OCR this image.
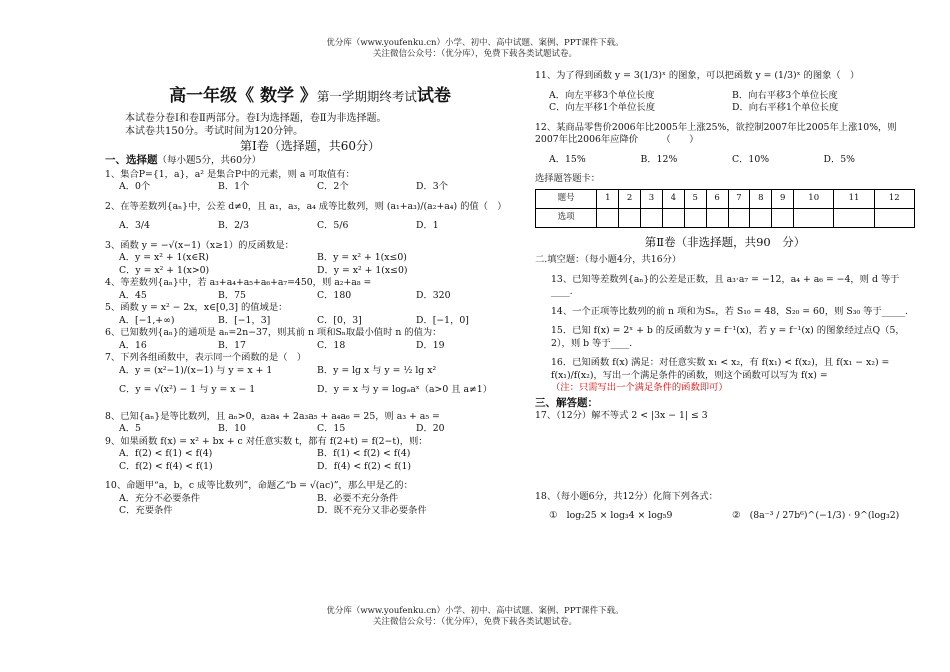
优分库（www.youfenku.cn）小学、初中、高中试题、案例、PPT课件下载。
关注微信公众号：（优分库），免费下载各类试题试卷。
高一年级《 数学 》第一学期期终考试试卷
本试卷分卷Ⅰ和卷Ⅱ两部分。卷Ⅰ为选择题，卷Ⅱ为非选择题。
本试卷共150分。考试时间为120分钟。
第Ⅰ卷（选择题，共60分）
一、选择题（每小题5分，共60分）
1、集合P={1，a}，a² 是集合P中的元素，则 a 可取值有：
A．0个	B．1个	C．2个	D．3个
2、在等差数列{aₙ}中，公差 d≠0，且 a₁，a₃，a₄ 成等比数列，则 (a₁+a₃)/(a₂+a₄) 的值（　）
A．3/4	B．2/3	C．5/6	D．1
3、函数 y = −√(x−1)（x≥1）的反函数是：
A．y = x² + 1(x∈R)	B．y = x² + 1(x≤0)
C．y = x² + 1(x>0)	D．y = x² + 1(x≤0)
4、等差数列{aₙ}中，若 a₃+a₄+a₅+a₆+a₇=450，则 a₂+a₈ =
A．45	B．75	C．180	D．320
5、函数 y = x² − 2x，x∈[0,3] 的值域是：
A．[−1,+∞)	B．[−1，3]	C．[0，3]	D．[−1，0]
6、已知数列{aₙ}的通项是 aₙ=2n−37，则其前 n 项和Sₙ取最小值时 n 的值为：
A．16	B．17	C．18	D．19
7、下列各组函数中，表示同一个函数的是（　）
A．y = (x²−1)/(x−1) 与 y = x + 1	B．y = lg x 与 y = ½ lg x²
C．y = √(x²) − 1 与 y = x − 1	D．y = x 与 y = logₐaˣ（a>0 且 a≠1）
8、已知{aₙ}是等比数列，且 aₙ>0，a₂a₄ + 2a₃a₅ + a₄a₆ = 25，则 a₃ + a₅ =
A．5	B．10	C．15	D．20
9、如果函数 f(x) = x² + bx + c 对任意实数 t，都有 f(2+t) = f(2−t)，则：
A．f(2) < f(1) < f(4)	B．f(1) < f(2) < f(4)
C．f(2) < f(4) < f(1)	D．f(4) < f(2) < f(1)
10、命题甲“a，b，c 成等比数列”，命题乙“b = √(ac)”，那么甲是乙的：
A．充分不必要条件	B．必要不充分条件
C．充要条件	D．既不充分又非必要条件
11、为了得到函数 y = 3(1/3)ˣ 的图象，可以把函数 y = (1/3)ˣ 的图象（　）
A．向左平移3个单位长度	B．向右平移3个单位长度
C．向左平移1个单位长度	D．向右平移1个单位长度
12、某商品零售价2006年比2005年上涨25%，欲控制2007年比2005年上涨10%，则2007年比2006年应降价　　　	（　　）
A．15%	B．12%	C．10%	D．5%
选择题答题卡：
题号	1	2	3	4	5	6	7	8	9	10	11	12
选项												
第Ⅱ卷（非选择题，共90　分）
二.填空题：（每小题4分，共16分）
13、已知等差数列{aₙ}的公差是正数，且 a₃·a₇ = −12，a₄ + a₆ = −4，则 d 等于____.
14、一个正项等比数列的前 n 项和为Sₙ，若 S₁₀ = 48，S₂₀ = 60，则 S₃₀ 等于_____.
15．已知 f(x) = 2ˣ + b 的反函数为 y = f⁻¹(x)，若 y = f⁻¹(x) 的图象经过点Q（5，2），则 b 等于____.
16．已知函数 f(x) 满足：对任意实数 x₁ < x₂，有 f(x₁) < f(x₂)，且 f(x₁ − x₂) = f(x₁)/f(x₂)，写出一个满足条件的函数，则这个函数可以写为 f(x) =
（注：只需写出一个满足条件的函数即可）
三、解答题：
17、（12分）解不等式 2 < |3x − 1| ≤ 3
18、（每小题6分，共12分）化简下列各式：
①　log₂25 × log₃4 × log₅9	②　(8a⁻³ / 27b⁶)^(−1/3) · 9^(log₃2)
优分库（www.youfenku.cn）小学、初中、高中试题、案例、PPT课件下载。
关注微信公众号：（优分库），免费下载各类试题试卷。
